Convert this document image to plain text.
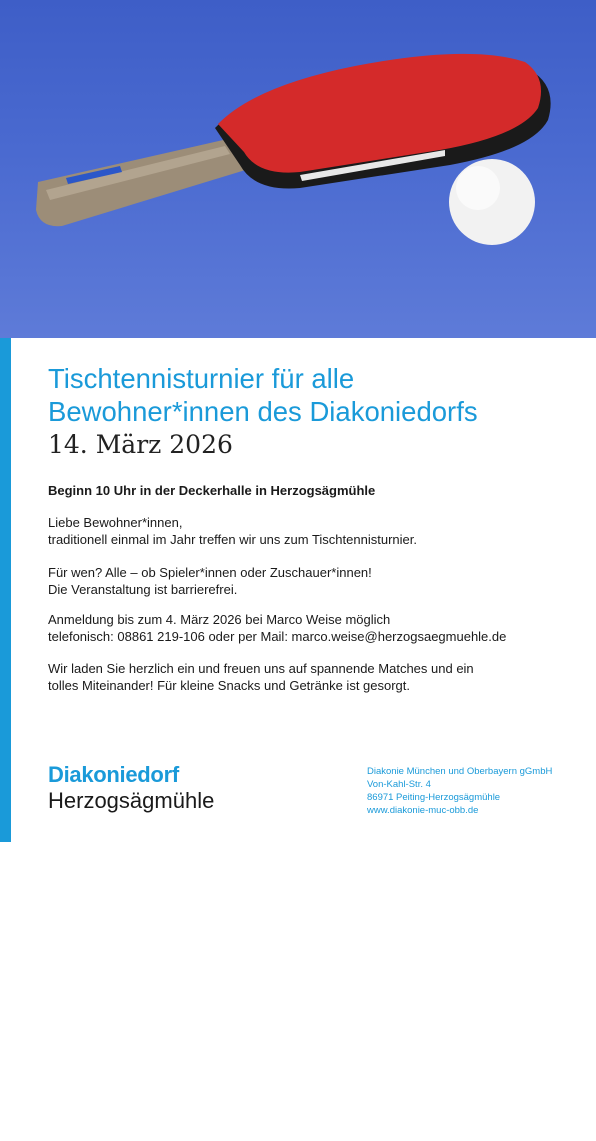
Bild: pixabay · Druck: WRmachenDRUCK
Tischtennisturnier für alle
Bewohner*innen des Diakoniedorfs
14. März 2026
Beginn 10 Uhr in der Deckerhalle in Herzogsägmühle
Liebe Bewohner*innen,
traditionell einmal im Jahr treffen wir uns zum Tischtennisturnier.
Für wen? Alle – ob Spieler*innen oder Zuschauer*innen!
Die Veranstaltung ist barrierefrei.
Anmeldung bis zum 4. März 2026 bei Marco Weise möglich
telefonisch: 08861 219-106 oder per Mail: marco.weise@herzogsaegmuehle.de
Wir laden Sie herzlich ein und freuen uns auf spannende Matches und ein
tolles Miteinander! Für kleine Snacks und Getränke ist gesorgt.
Diakoniedorf
Herzogsägmühle
Diakonie München und Oberbayern gGmbH
Von-Kahl-Str. 4
86971 Peiting-Herzogsägmühle
www.diakonie-muc-obb.de
